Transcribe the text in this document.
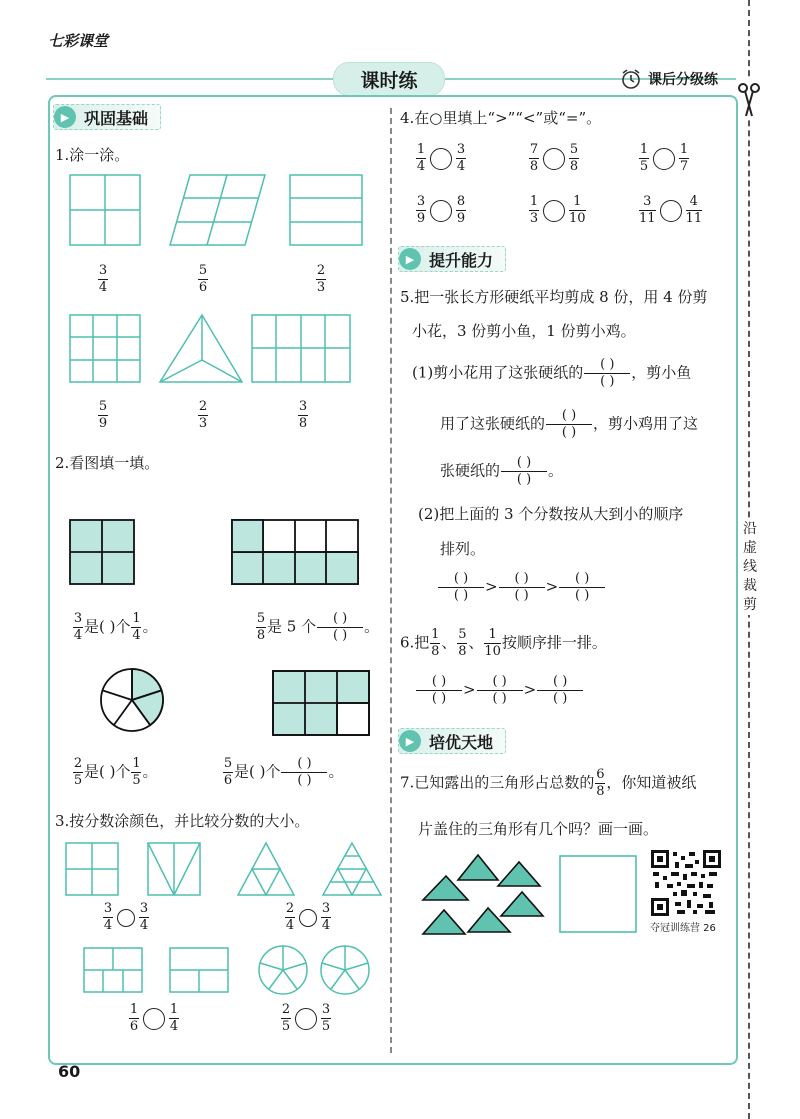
七彩课堂
课时练	课后分级练
沿虚线裁剪
▶ 巩固基础
1.涂一涂。
$\frac{3}{4}$	$\frac{5}{6}$	$\frac{2}{3}$
$\frac{5}{9}$	$\frac{2}{3}$	$\frac{3}{8}$
2.看图填一填。
$\frac{3}{4}$ 是( )个 $\frac{1}{4}$ 。	$\frac{5}{8}$ 是 5 个 $\frac{( )}{( )}$ 。
$\frac{2}{5}$ 是( )个 $\frac{1}{5}$ 。	$\frac{5}{6}$ 是( )个 $\frac{( )}{( )}$ 。
3.按分数涂颜色，并比较分数的大小。
$\frac{3}{4} \frac{3}{4}$	$\frac{2}{4} \frac{3}{4}$
$\frac{1}{6} \frac{1}{4}$	$\frac{2}{5} \frac{3}{5}$
4.在○里填上“>”“<”或“=”。
$\frac{1}{4} \frac{3}{4}$	$\frac{7}{8} \frac{5}{8}$	$\frac{1}{5} \frac{1}{7}$
$\frac{3}{9} \frac{8}{9}$	$\frac{1}{3} \frac{1}{10}$	$\frac{3}{11} \frac{4}{11}$
▶ 提升能力
5.把一张长方形硬纸平均剪成 8 份，用 4 份剪
小花，3 份剪小鱼，1 份剪小鸡。
(1)剪小花用了这张硬纸的 $\frac{( )}{( )}$ ，剪小鱼
用了这张硬纸的 $\frac{( )}{( )}$ ，剪小鸡用了这
张硬纸的 $\frac{( )}{( )}$ 。
(2)把上面的 3 个分数按从大到小的顺序
排列。
$\frac{( )}{( )} > \frac{( )}{( )} > \frac{( )}{( )}$
6.把 $\frac{1}{8}$ 、 $\frac{5}{8}$ 、 $\frac{1}{10}$ 按顺序排一排。
$\frac{( )}{( )} > \frac{( )}{( )} > \frac{( )}{( )}$
▶ 培优天地
7.已知露出的三角形占总数的 $\frac{6}{8}$ ，你知道被纸
片盖住的三角形有几个吗？画一画。
夺冠训练营 26
60
